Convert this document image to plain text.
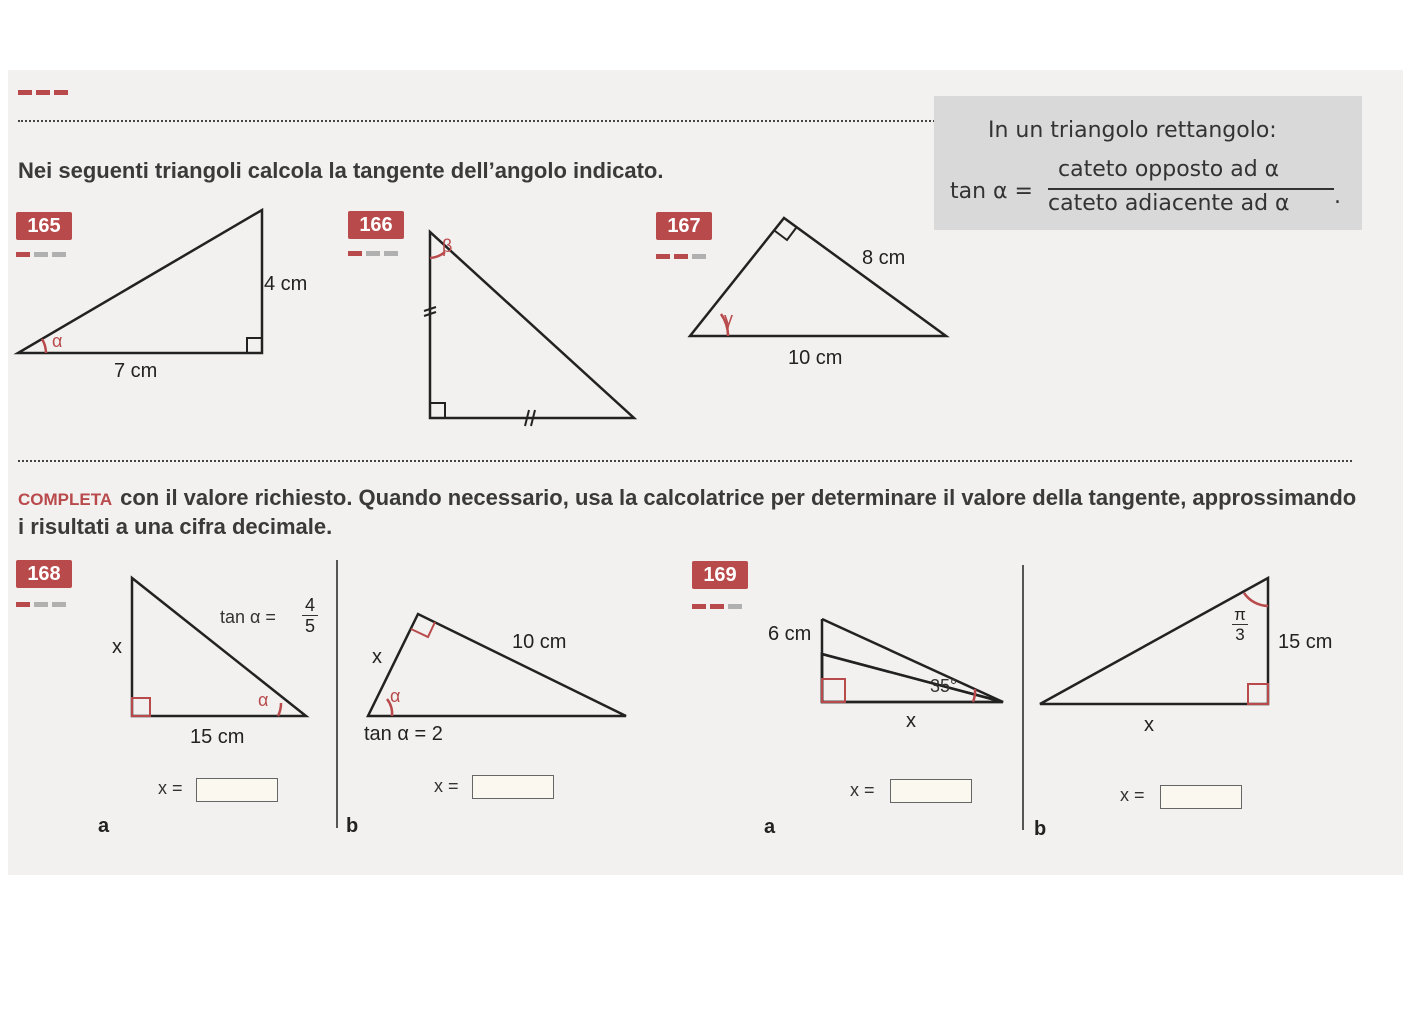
In un triangolo rettangolo:
tan α =
cateto opposto ad α
cateto adiacente ad α .
Nei seguenti triangoli calcola la tangente dell’angolo indicato.
165	166	167
4 cm
7 cm
α
β
8 cm
10 cm
γ
COMPLETA con il valore richiesto. Quando necessario, usa la calcolatrice per determinare il valore della tangente, approssimando i risultati a una cifra decimale.
168	169
$\tan \alpha = \frac{4}{5}$
x
α
15 cm
x =
a
x
10 cm
α
tan α = 2
x =
b
6 cm
35°
x
x =
a
$\frac{\pi}{3} 15$ cm
x
x =
b
